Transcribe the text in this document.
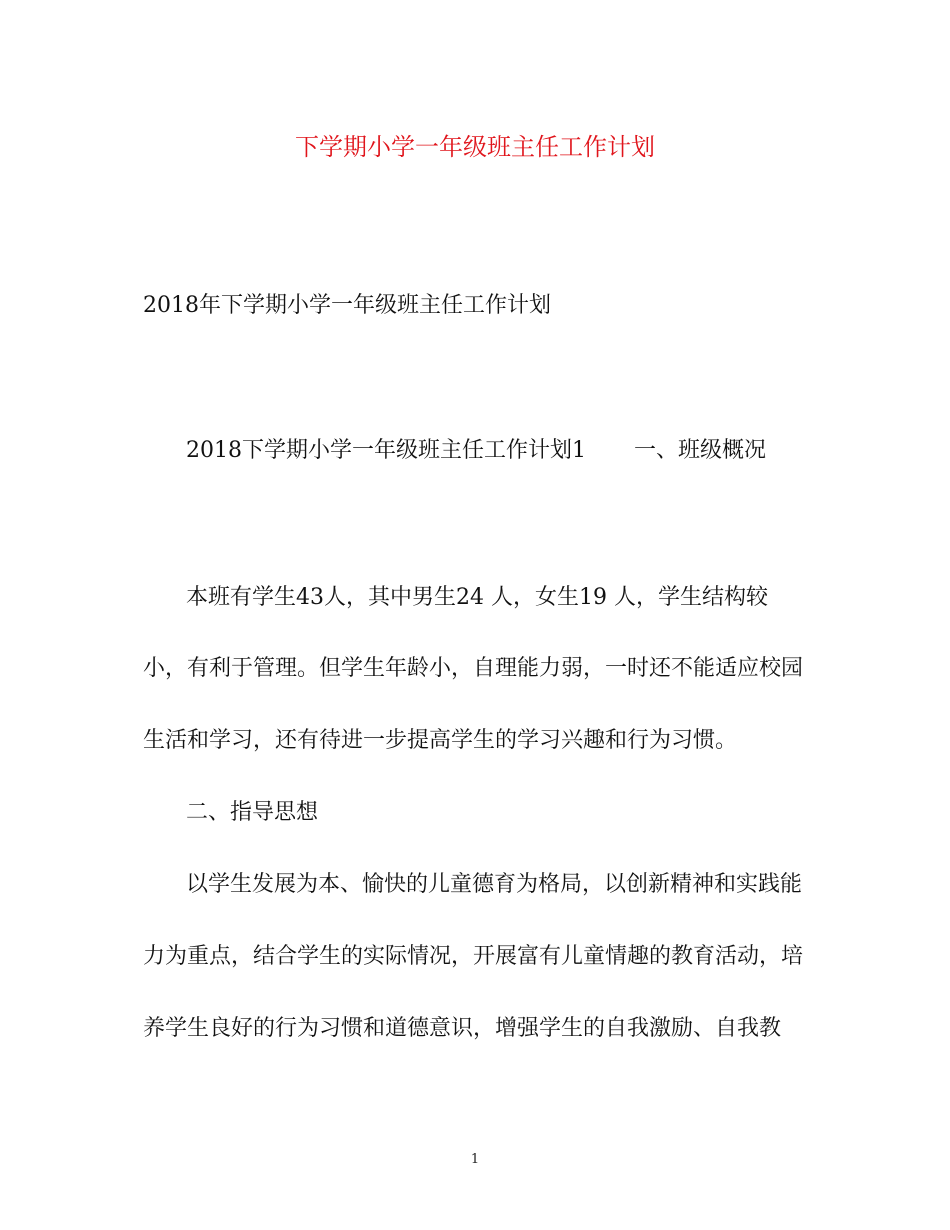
下学期小学一年级班主任工作计划
2018年下学期小学一年级班主任工作计划
2018下学期小学一年级班主任工作计划1 一、班级概况
本班有学生43人，其中男生24 人，女生19 人，学生结构较
小，有利于管理。但学生年龄小，自理能力弱，一时还不能适应校园
生活和学习，还有待进一步提高学生的学习兴趣和行为习惯。
二、指导思想
以学生发展为本、愉快的儿童德育为格局，以创新精神和实践能
力为重点，结合学生的实际情况，开展富有儿童情趣的教育活动，培
养学生良好的行为习惯和道德意识，增强学生的自我激励、自我教
1
